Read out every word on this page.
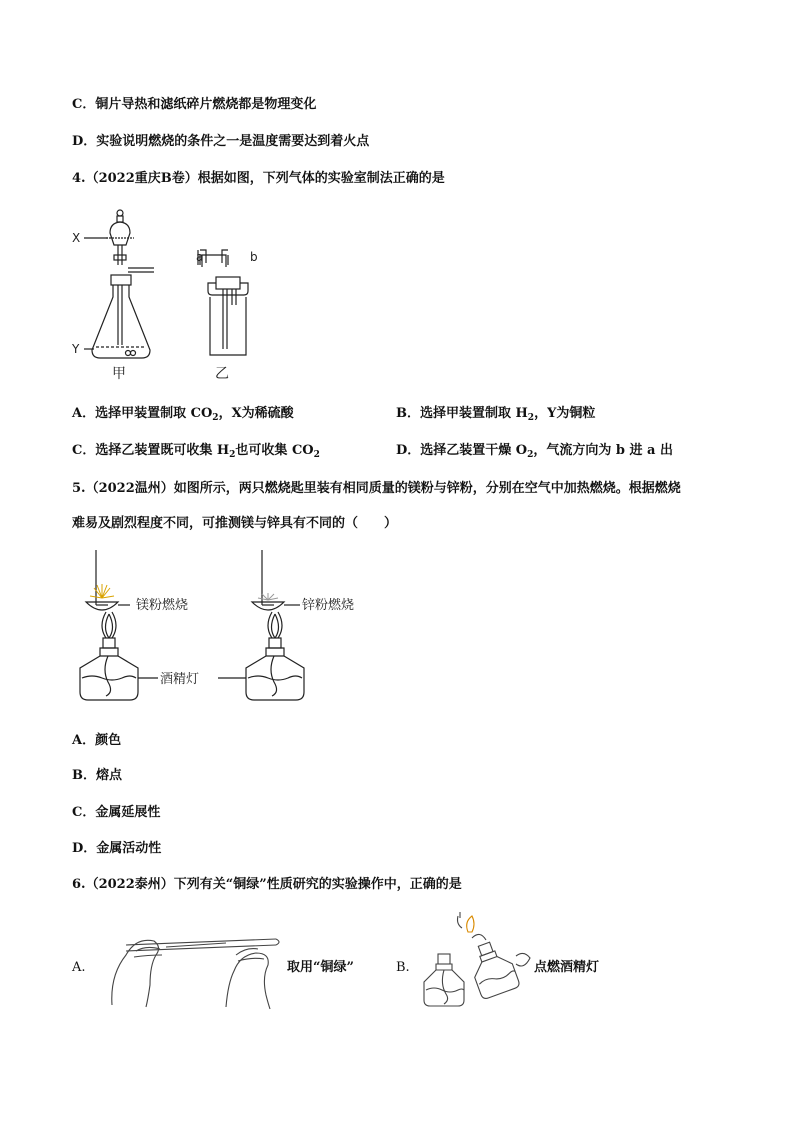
C．铜片导热和滤纸碎片燃烧都是物理变化
D．实验说明燃烧的条件之一是温度需要达到着火点
4.（2022重庆B卷）根据如图，下列气体的实验室制法正确的是
X
Y
甲
a	b
乙
A．选择甲装置制取 $CO_2$，X为稀硫酸	B．选择甲装置制取 $H_2$，Y为铜粒
C．选择乙装置既可收集 $H_2$也可收集 $CO_2$	D．选择乙装置干燥 $O_2$，气流方向为 b 进 a 出
5.（2022温州）如图所示，两只燃烧匙里装有相同质量的镁粉与锌粉，分别在空气中加热燃烧。根据燃烧
难易及剧烈程度不同，可推测镁与锌具有不同的（　　）
镁粉燃烧
酒精灯
锌粉燃烧
A．颜色
B．熔点
C．金属延展性
D．金属活动性
6.（2022泰州）下列有关“铜绿”性质研究的实验操作中，正确的是
A.	取用“铜绿”	B.	点燃酒精灯
